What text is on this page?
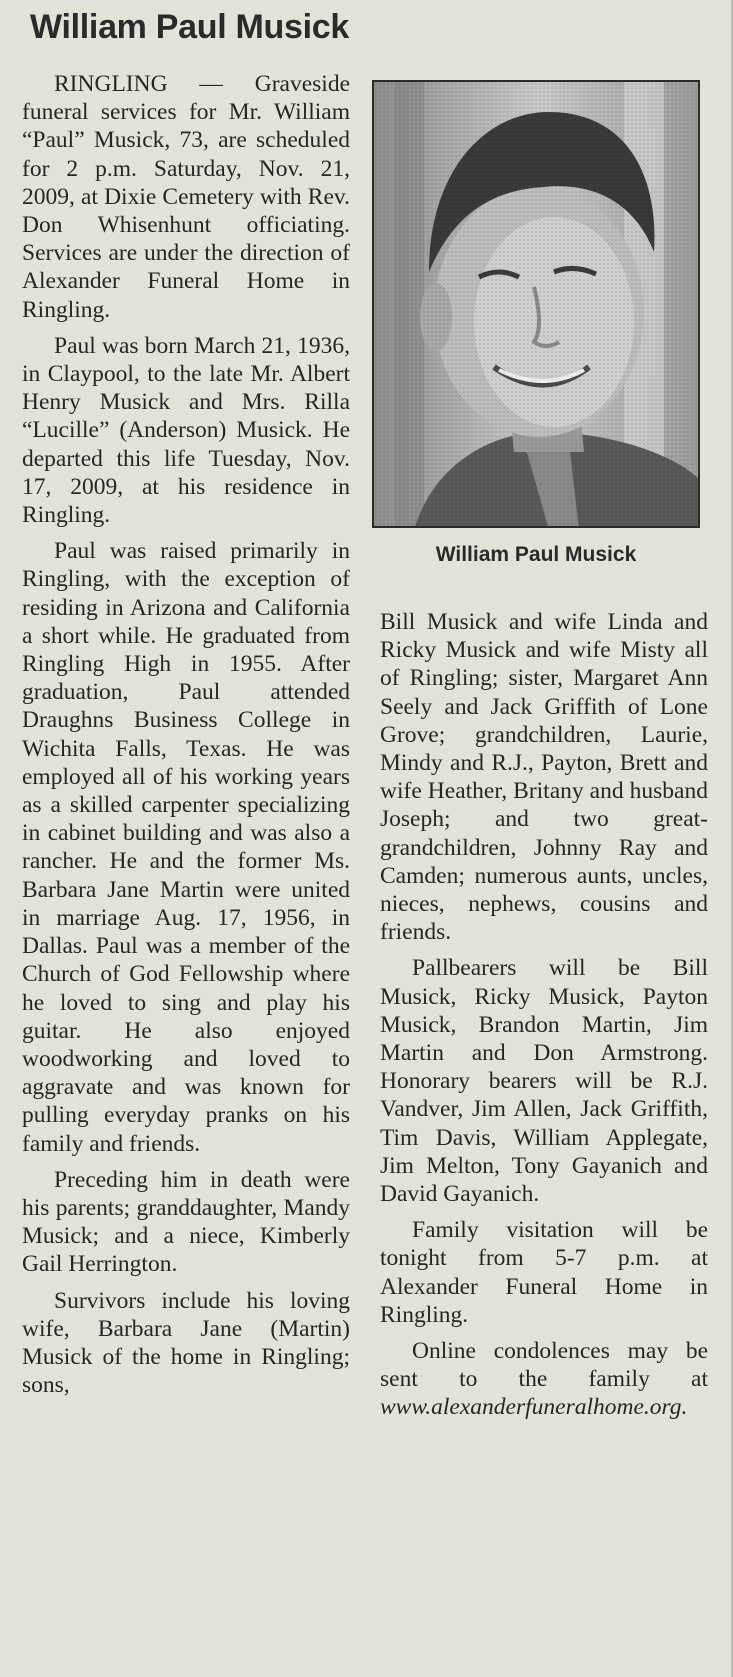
William Paul Musick

RINGLING — Graveside funeral services for Mr. William “Paul” Musick, 73, are scheduled for 2 p.m. Saturday, Nov. 21, 2009, at Dixie Cemetery with Rev. Don Whisenhunt officiating. Services are under the direction of Alexander Funeral Home in Ringling.

Paul was born March 21, 1936, in Claypool, to the late Mr. Albert Henry Musick and Mrs. Rilla “Lucille” (Anderson) Musick. He departed this life Tuesday, Nov. 17, 2009, at his residence in Ringling.

Paul was raised primarily in Ringling, with the exception of residing in Arizona and California a short while. He graduated from Ringling High in 1955. After graduation, Paul attended Draughns Business College in Wichita Falls, Texas. He was employed all of his working years as a skilled carpenter specializing in cabinet building and was also a rancher. He and the former Ms. Barbara Jane Martin were united in marriage Aug. 17, 1956, in Dallas. Paul was a member of the Church of God Fellowship where he loved to sing and play his guitar. He also enjoyed woodworking and loved to aggravate and was known for pulling everyday pranks on his family and friends.

Preceding him in death were his parents; granddaughter, Mandy Musick; and a niece, Kimberly Gail Herrington.

Survivors include his loving wife, Barbara Jane (Martin) Musick of the home in Ringling; sons,

William Paul Musick

Bill Musick and wife Linda and Ricky Musick and wife Misty all of Ringling; sister, Margaret Ann Seely and Jack Griffith of Lone Grove; grandchildren, Laurie, Mindy and R.J., Payton, Brett and wife Heather, Britany and husband Joseph; and two great-grandchildren, Johnny Ray and Camden; numerous aunts, uncles, nieces, nephews, cousins and friends.

Pallbearers will be Bill Musick, Ricky Musick, Payton Musick, Brandon Martin, Jim Martin and Don Armstrong. Honorary bearers will be R.J. Vandver, Jim Allen, Jack Griffith, Tim Davis, William Applegate, Jim Melton, Tony Gayanich and David Gayanich.

Family visitation will be tonight from 5-7 p.m. at Alexander Funeral Home in Ringling.

Online condolences may be sent to the family at www.alexanderfuneralhome.org.
